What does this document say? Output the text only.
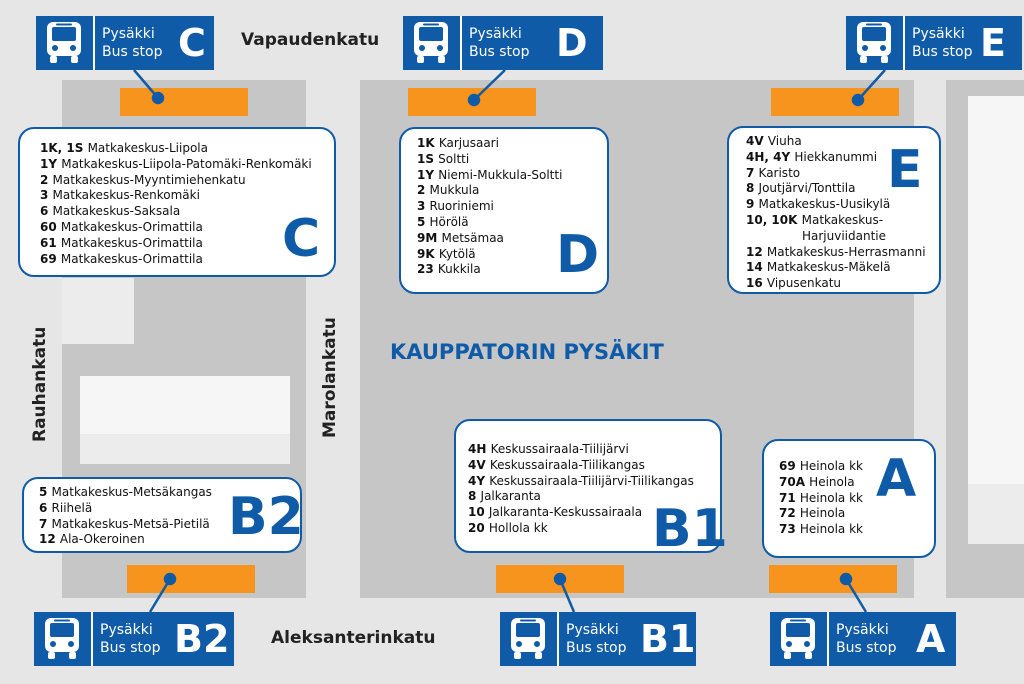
Vapaudenkatu
Aleksanterinkatu
Rauhankatu	Marolankatu KAUPPATORIN PYSÄKIT
Pysäkki
Bus stop C	Pysäkki
Bus stop D	Pysäkki
Bus stop E
Pysäkki
Bus stop B2	Pysäkki
Bus stop B1	Pysäkki
Bus stop A
1K, 1S Matkakeskus-Liipola
1Y Matkakeskus-Liipola-Patomäki-Renkomäki
2 Matkakeskus-Myyntimiehenkatu
3 Matkakeskus-Renkomäki
6 Matkakeskus-Saksala
60 Matkakeskus-Orimattila
61 Matkakeskus-Orimattila
69 Matkakeskus-Orimattila	C
1K Karjusaari
1S Soltti
1Y Niemi-Mukkula-Soltti
2 Mukkula
3 Ruoriniemi
5 Hörölä
9M Metsämaa
9K Kytölä
23 Kukkila	D
4V Viuha
4H, 4Y Hiekkanummi
7 Karisto
8 Joutjärvi/Tonttila
9 Matkakeskus-Uusikylä
10, 10K Matkakeskus-
Harjuviidantie
12 Matkakeskus-Herrasmanni
14 Matkakeskus-Mäkelä
16 Vipusenkatu
E
5 Matkakeskus-Metsäkangas
6 Riihelä
7 Matkakeskus-Metsä-Pietilä
12 Ala-Okeroinen	B2
4H Keskussairaala-Tiilijärvi
4V Keskussairaala-Tiilikangas
4Y Keskussairaala-Tiilijärvi-Tiilikangas
8 Jalkaranta
10 Jalkaranta-Keskussairaala
20 Hollola kk	B1
69 Heinola kk
70A Heinola
71 Heinola kk
72 Heinola
73 Heinola kk
A
